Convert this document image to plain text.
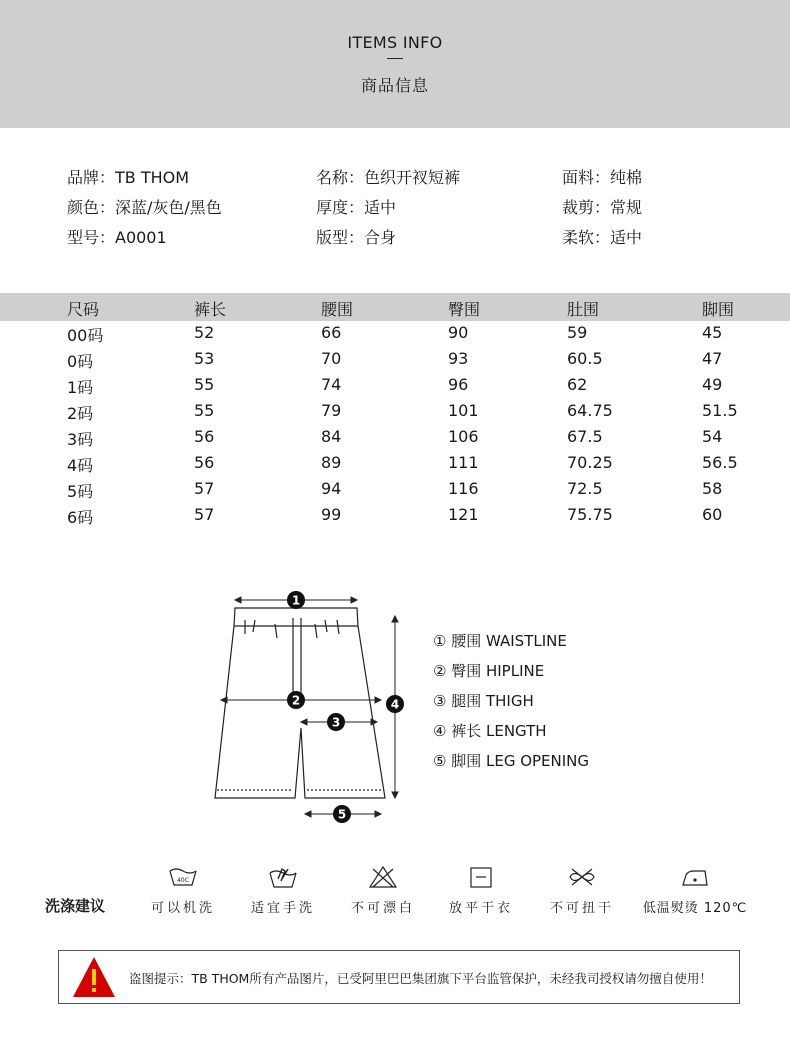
ITEMS INFO
商品信息
品牌：TB THOM	名称：色织开衩短裤	面料：纯棉
颜色：深蓝/灰色/黑色	厚度：适中	裁剪：常规
型号：A0001	版型：合身	柔软：适中
尺码	裤长	腰围	臀围	肚围	脚围
00码	52	66	90	59	45
0码	53	70	93	60.5	47
1码	55	74	96	62	49
2码	55	79	101	64.75	51.5
3码	56	84	106	67.5	54
4码	56	89	111	70.25	56.5
5码	57	94	116	72.5	58
6码	57	99	121	75.75	60
1
2
3
4
5
① 腰围 WAISTLINE
② 臀围 HIPLINE
③ 腿围 THIGH
④ 裤长 LENGTH
⑤ 脚围 LEG OPENING
洗涤建议
40C
可以机洗	适宜手洗	不可漂白	放平干衣	不可扭干	低温熨烫 120℃
盗图提示：TB THOM所有产品图片，已受阿里巴巴集团旗下平台监管保护，未经我司授权请勿擅自使用！
